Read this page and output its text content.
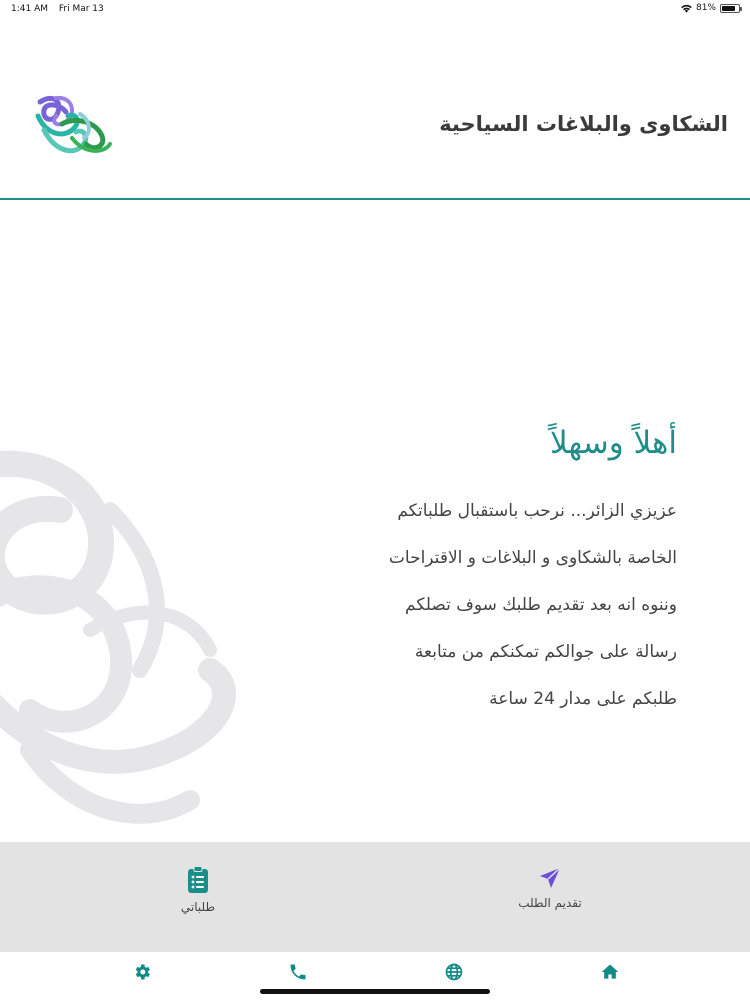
1:41 AM Fri Mar 13	81%
الشكاوى والبلاغات السياحية
أهلاً وسهلاً
عزيزي الزائر... نرحب باستقبال طلباتكم
الخاصة بالشكاوى و البلاغات و الاقتراحات
وننوه انه بعد تقديم طلبك سوف تصلكم
رسالة على جوالكم تمكنكم من متابعة
طلبكم على مدار 24 ساعة
تقديم الطلب
طلباتي
